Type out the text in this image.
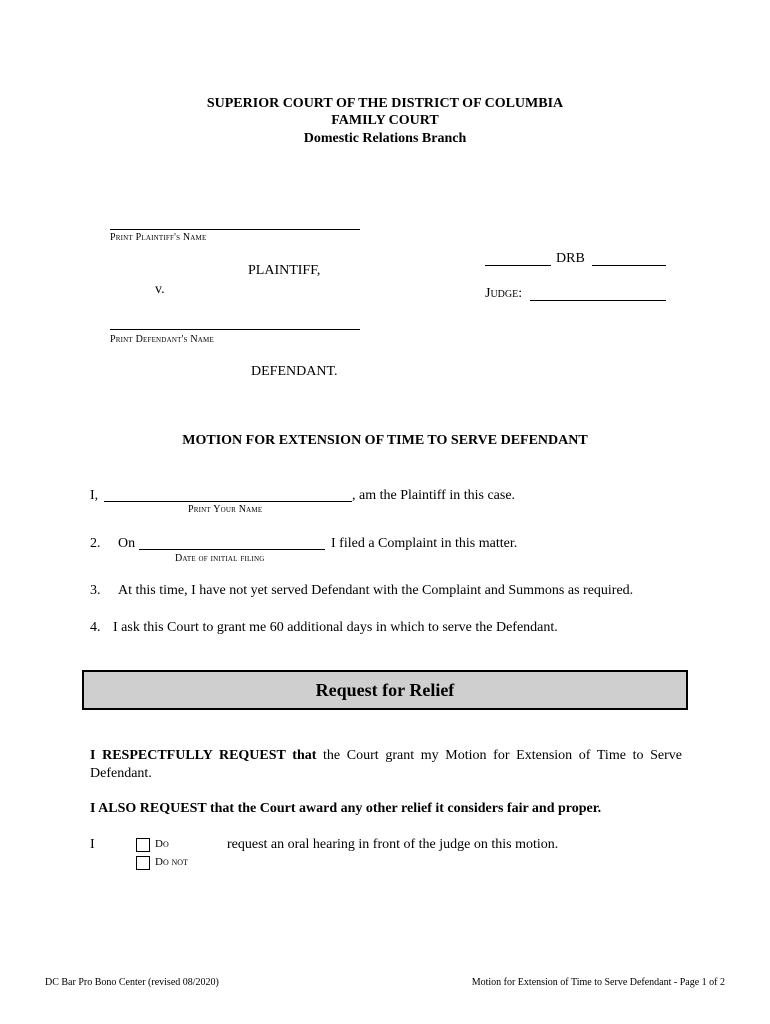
SUPERIOR COURT OF THE DISTRICT OF COLUMBIA
FAMILY COURT
Domestic Relations Branch
Print Plaintiff's Name
PLAINTIFF,
v.
DRB
Judge:
Print Defendant's Name
DEFENDANT.
MOTION FOR EXTENSION OF TIME TO SERVE DEFENDANT
I,	, am the Plaintiff in this case.
Print Your Name
2. On	I filed a Complaint in this matter.
Date of initial filing
3. At this time, I have not yet served Defendant with the Complaint and Summons as required.
4. I ask this Court to grant me 60 additional days in which to serve the Defendant.
Request for Relief
I RESPECTFULLY REQUEST that the Court grant my Motion for Extension of Time to Serve Defendant.
I ALSO REQUEST that the Court award any other relief it considers fair and proper.
I	Do
Do not
request an oral hearing in front of the judge on this motion.
DC Bar Pro Bono Center (revised 08/2020)	Motion for Extension of Time to Serve Defendant - Page 1 of 2
